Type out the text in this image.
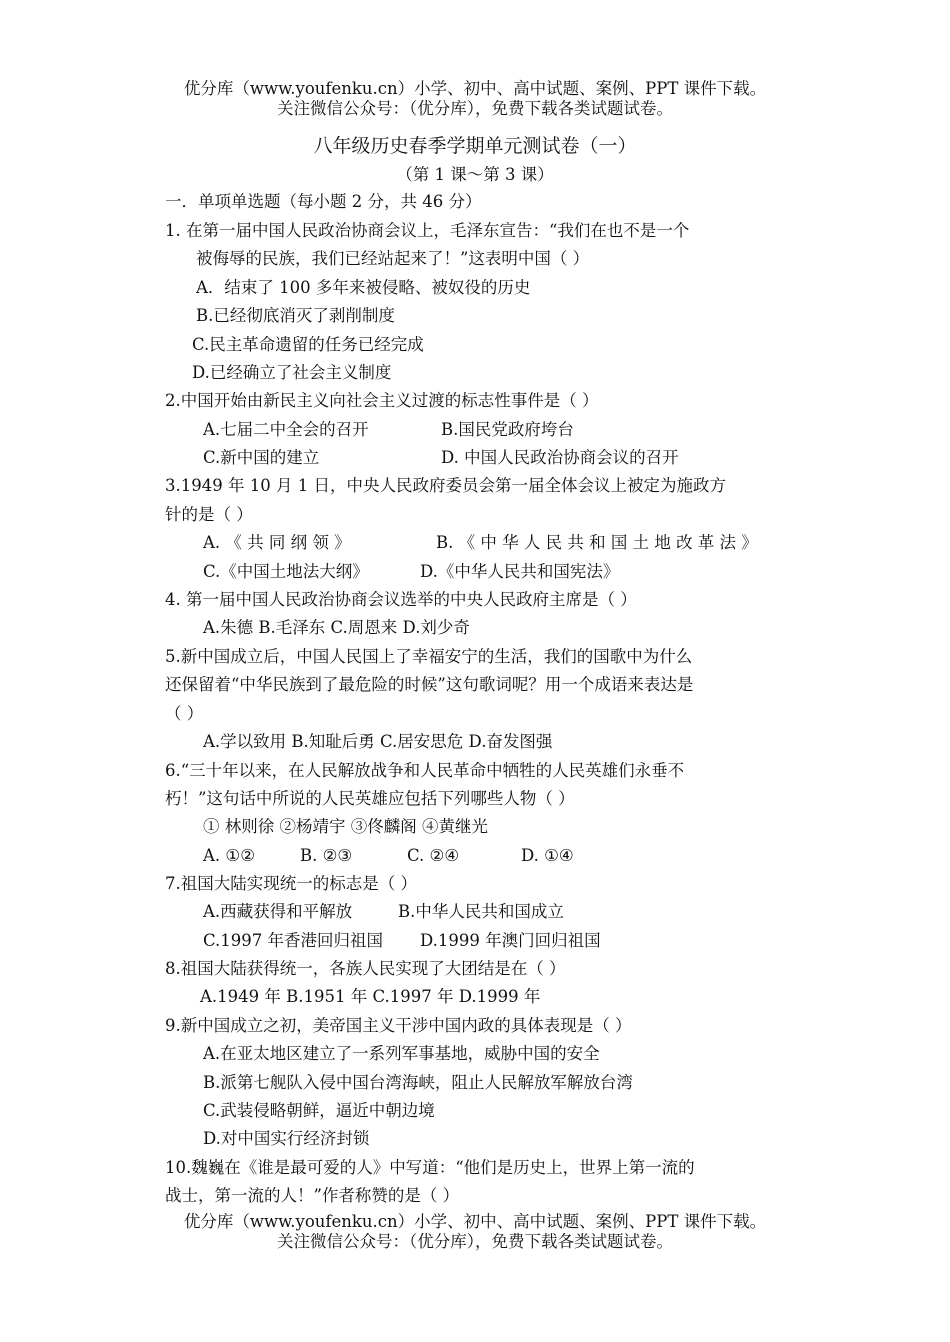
优分库（www.youfenku.cn）小学、初中、高中试题、案例、PPT 课件下载。
关注微信公众号：（优分库），免费下载各类试题试卷。
八年级历史春季学期单元测试卷（一）
（第 1 课～第 3 课）
一．单项单选题（每小题 2 分，共 46 分）
1. 在第一届中国人民政治协商会议上，毛泽东宣告：“我们在也不是一个
被侮辱的民族，我们已经站起来了！”这表明中国（ ）
A．结束了 100 多年来被侵略、被奴役的历史
B.已经彻底消灭了剥削制度
C.民主革命遗留的任务已经完成
D.已经确立了社会主义制度
2.中国开始由新民主义向社会主义过渡的标志性事件是（ ）
A.七届二中全会的召开	B.国民党政府垮台
C.新中国的建立	D. 中国人民政治协商会议的召开
3.1949 年 10 月 1 日，中央人民政府委员会第一届全体会议上被定为施政方
针的是（ ）
A. 《 共 同 纲 领 》	B. 《 中 华 人 民 共 和 国 土 地 改 革 法 》
C.《中国土地法大纲》	D.《中华人民共和国宪法》
4. 第一届中国人民政治协商会议选举的中央人民政府主席是（ ）
A.朱德 B.毛泽东 C.周恩来 D.刘少奇
5.新中国成立后，中国人民国上了幸福安宁的生活，我们的国歌中为什么
还保留着“中华民族到了最危险的时候”这句歌词呢？用一个成语来表达是
（ ）
A.学以致用 B.知耻后勇 C.居安思危 D.奋发图强
6.“三十年以来，在人民解放战争和人民革命中牺牲的人民英雄们永垂不
朽！”这句话中所说的人民英雄应包括下列哪些人物（ ）
① 林则徐 ②杨靖宇 ③佟麟阁 ④黄继光
A. ①②	B. ②③	C. ②④	D. ①④
7.祖国大陆实现统一的标志是（ ）
A.西藏获得和平解放	B.中华人民共和国成立
C.1997 年香港回归祖国 D.1999 年澳门回归祖国
8.祖国大陆获得统一，各族人民实现了大团结是在（ ）
A.1949 年 B.1951 年 C.1997 年 D.1999 年
9.新中国成立之初，美帝国主义干涉中国内政的具体表现是（ ）
A.在亚太地区建立了一系列军事基地，威胁中国的安全
B.派第七舰队入侵中国台湾海峡，阻止人民解放军解放台湾
C.武装侵略朝鲜，逼近中朝边境
D.对中国实行经济封锁
10.魏巍在《谁是最可爱的人》中写道：“他们是历史上，世界上第一流的
战士，第一流的人！”作者称赞的是（ ）
优分库（www.youfenku.cn）小学、初中、高中试题、案例、PPT 课件下载。
关注微信公众号：（优分库），免费下载各类试题试卷。
